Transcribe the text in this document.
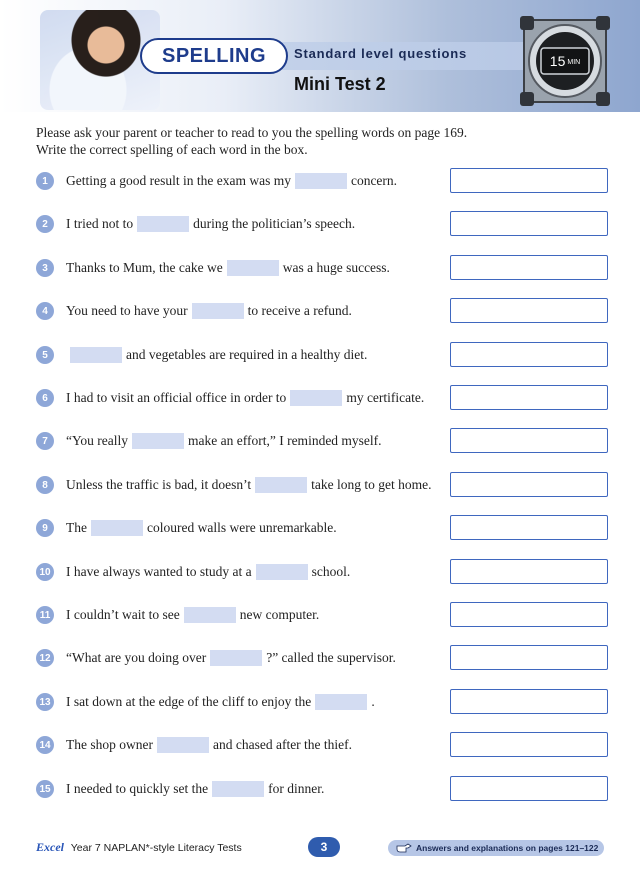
SPELLING	Standard level questions
Mini Test 2
15 MIN
Please ask your parent or teacher to read to you the spelling words on page 169.
Write the correct spelling of each word in the box.
1	Getting a good result in the exam was my	concern.
2	I tried not to	during the politician’s speech.
3	Thanks to Mum, the cake we	was a huge success.
4	You need to have your	to receive a refund.
5	and vegetables are required in a healthy diet.
6	I had to visit an official office in order to	my certificate.
7	“You really	make an effort,” I reminded myself.
8	Unless the traffic is bad, it doesn’t	take long to get home.
9	The	coloured walls were unremarkable.
10 I have always wanted to study at a	school.
11 I couldn’t wait to see	new computer.
12 “What are you doing over	?” called the supervisor.
13 I sat down at the edge of the cliff to enjoy the	.
14 The shop owner	and chased after the thief.
15 I needed to quickly set the	for dinner.
Excel Year 7 NAPLAN*-style Literacy Tests	3	Answers and explanations on pages 121–122
